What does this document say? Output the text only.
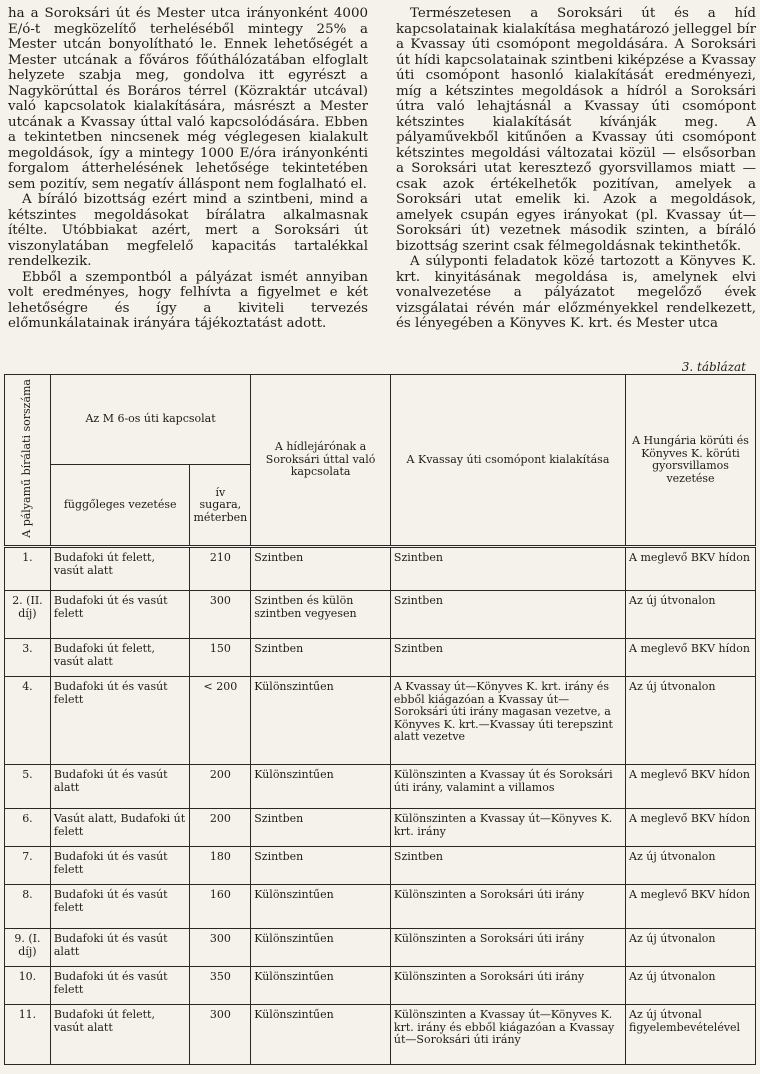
ha a Soroksári út és Mester utca irányonként 4000 E/ó-t megközelítő terheléséből mintegy 25% a Mester utcán bonyolítható le. Ennek lehetőségét a Mester utcának a főváros főúthálózatában elfoglalt helyzete szabja meg, gondolva itt egyrészt a Nagykörúttal és Boráros térrel (Közraktár utcával) való kapcsolatok kialakítására, másrészt a Mester utcának a Kvassay úttal való kapcsolódására. Ebben a tekintetben nincsenek még véglegesen kialakult megoldások, így a mintegy 1000 E/óra irányonkénti forgalom átterhelésének lehetősége tekintetében sem pozitív, sem negatív álláspont nem foglalható el.

A bíráló bizottság ezért mind a szintbeni, mind a kétszintes megoldásokat bírálatra alkalmasnak ítélte. Utóbbiakat azért, mert a Soroksári út viszonylatában megfelelő kapacitás tartalékkal rendelkezik.

Ebből a szempontból a pályázat ismét annyiban volt eredményes, hogy felhívta a figyelmet e két lehetőségre és így a kiviteli tervezés előmunkálatainak irányára tájékoztatást adott.

Természetesen a Soroksári út és a híd kapcsolatainak kialakítása meghatározó jelleggel bír a Kvassay úti csomópont megoldására. A Soroksári út hídi kapcsolatainak szintbeni kiképzése a Kvassay úti csomópont hasonló kialakítását eredményezi, míg a kétszintes megoldások a hídról a Soroksári útra való lehajtásnál a Kvassay úti csomópont kétszintes kialakítását kívánják meg. A pályaművekből kitűnően a Kvassay úti csomópont kétszintes megoldási változatai közül — elsősorban a Soroksári utat keresztező gyorsvillamos miatt — csak azok értékelhetők pozitívan, amelyek a Soroksári utat emelik ki. Azok a megoldások, amelyek csupán egyes irányokat (pl. Kvassay út—Soroksári út) vezetnek második szinten, a bíráló bizottság szerint csak félmegoldásnak tekinthetők.

A súlyponti feladatok közé tartozott a Könyves K. krt. kinyitásának megoldása is, amelynek elvi vonalvezetése a pályázatot megelőző évek vizsgálatai révén már előzményekkel rendelkezett, és lényegében a Könyves K. krt. és Mester utca

3. táblázat
A pályamű bírálati sorszáma	Az M 6-os úti kapcsolat		A hídlejárónak a Soroksári úttal való kapcsolata	A Kvassay úti csomópont kialakítása	A Hungária körúti és Könyves K. körúti gyorsvillamos vezetése
	függőleges vezetése	ív sugara, méterben			
1.	Budafoki út felett, vasút alatt	210	Szintben	Szintben	A meglevő BKV hídon
2. (II. díj)	Budafoki út és vasút felett	300	Szintben és külön szintben vegyesen	Szintben	Az új útvonalon
3.	Budafoki út felett, vasút alatt	150	Szintben	Szintben	A meglevő BKV hídon
4.	Budafoki út és vasút felett	< 200	Különszintűen	A Kvassay út—Könyves K. krt. irány és ebből kiágazóan a Kvassay út—Soroksári úti irány magasan vezetve, a Könyves K. krt.—Kvassay úti terepszint alatt vezetve	Az új útvonalon
5.	Budafoki út és vasút alatt	200	Különszintűen	Különszinten a Kvassay út és Soroksári úti irány, valamint a villamos	A meglevő BKV hídon
6.	Vasút alatt, Budafoki út felett	200	Szintben	Különszinten a Kvassay út—Könyves K. krt. irány	A meglevő BKV hídon
7.	Budafoki út és vasút felett	180	Szintben	Szintben	Az új útvonalon
8.	Budafoki út és vasút felett	160	Különszintűen	Különszinten a Soroksári úti irány	A meglevő BKV hídon
9. (I. díj)	Budafoki út és vasút alatt	300	Különszintűen	Különszinten a Soroksári úti irány	Az új útvonalon
10.	Budafoki út és vasút felett	350	Különszintűen	Különszinten a Soroksári úti irány	Az új útvonalon
11.	Budafoki út felett, vasút alatt	300	Különszintűen	Különszinten a Kvassay út—Könyves K. krt. irány és ebből kiágazóan a Kvassay út—Soroksári úti irány	Az új útvonal figyelembevételével
